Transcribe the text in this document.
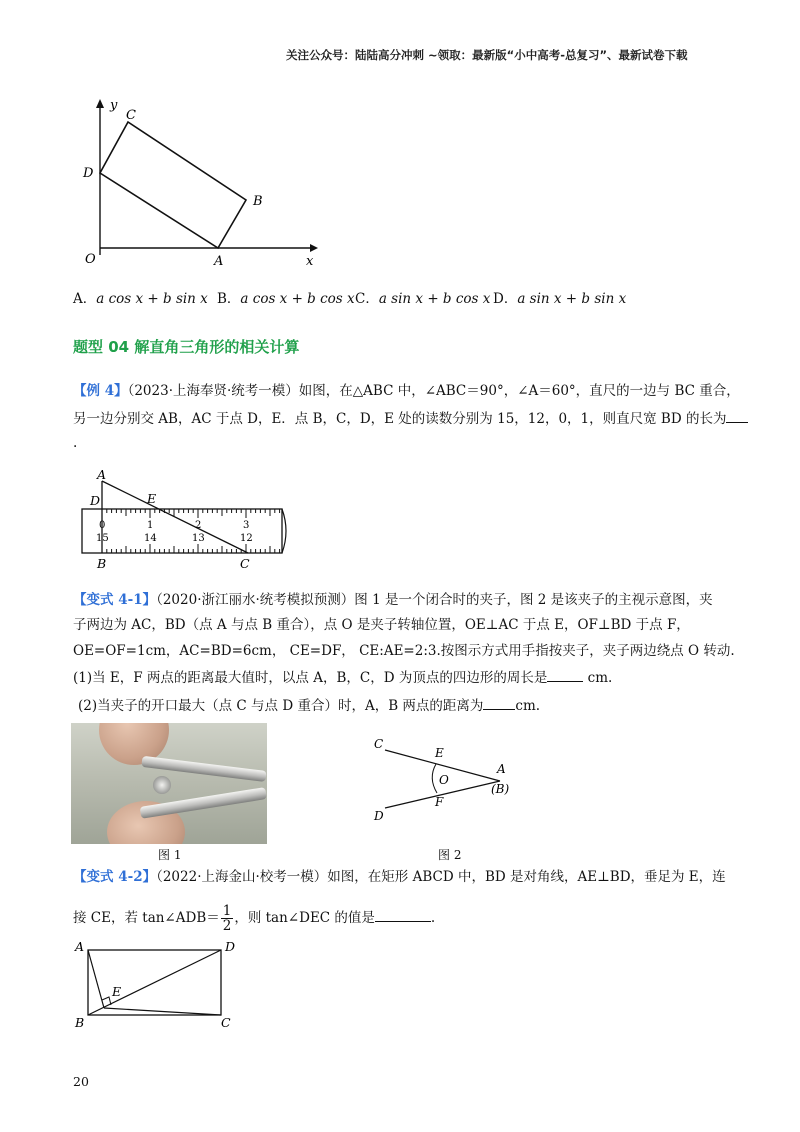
关注公众号：陆陆高分冲刺 ~领取：最新版“小中高考-总复习”、最新试卷下载
y
x
O	A
B
C
D
A．a cos x + b sin x B．a cos x + b cos x C．a sin x + b cos x D．a sin x + b sin x
题型 04 解直角三角形的相关计算
【例 4】（2023·上海奉贤·统考一模）如图，在△ABC 中，∠ABC＝90°，∠A＝60°，直尺的一边与 BC 重合，
另一边分别交 AB，AC 于点 D，E．点 B，C，D，E 处的读数分别为 15，12，0，1，则直尺宽 BD 的长为
.
A
D	E
B	C
0	1	2	3
15	14	13	12
【变式 4-1】（2020·浙江丽水·统考模拟预测）图 1 是一个闭合时的夹子，图 2 是该夹子的主视示意图，夹
子两边为 AC，BD（点 A 与点 B 重合），点 O 是夹子转轴位置，OE⊥AC 于点 E，OF⊥BD 于点 F，
OE=OF=1cm，AC=BD=6cm， CE=DF， CE:AE=2:3.按图示方式用手指按夹子，夹子两边绕点 O 转动.
(1)当 E，F 两点的距离最大值时，以点 A，B，C，D 为顶点的四边形的周长是	cm.
(2)当夹子的开口最大（点 C 与点 D 重合）时，A，B 两点的距离为 cm.
图 1
C
E
O
A
(B)
F
D
图 2
【变式 4-2】（2022·上海金山·校考一模）如图，在矩形 ABCD 中，BD 是对角线，AE⊥BD，垂足为 E，连
接 CE，若 tan∠ADB＝ $\frac{1}{2}$ ，则 tan∠DEC 的值是	.
A	D
E
B	C
20
